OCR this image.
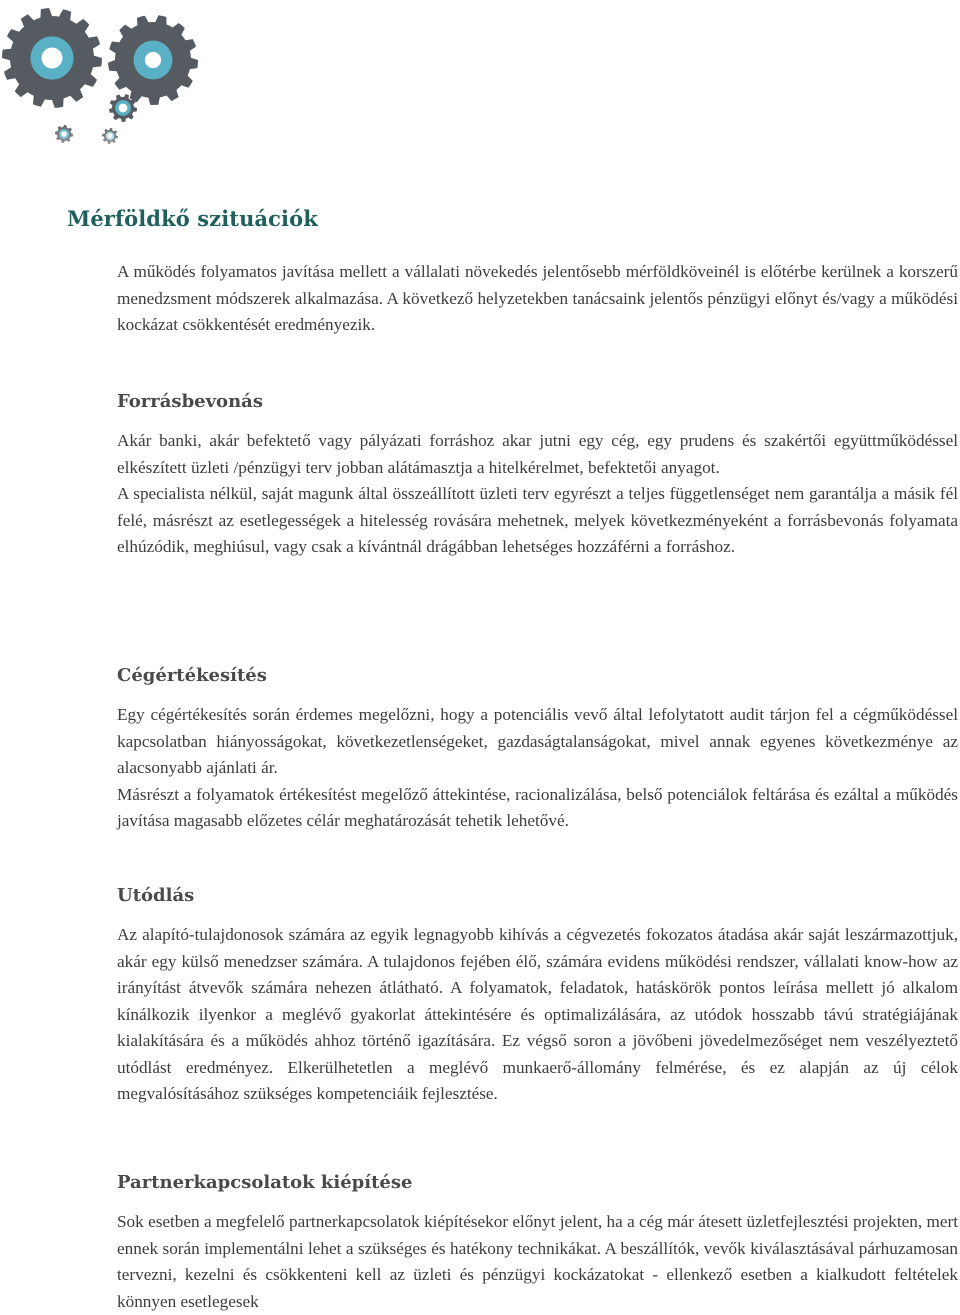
Mérföldkő szituációk

A működés folyamatos javítása mellett a vállalati növekedés jelentősebb mérföldköveinél is előtérbe kerülnek a korszerű menedzsment módszerek alkalmazása. A következő helyzetekben tanácsaink jelentős pénzügyi előnyt és/vagy a működési kockázat csökkentését eredményezik.

Forrásbevonás

Akár banki, akár befektető vagy pályázati forráshoz akar jutni egy cég, egy prudens és szakértői együttműködéssel elkészített üzleti /pénzügyi terv jobban alátámasztja a hitelkérelmet, befektetői anyagot.

A specialista nélkül, saját magunk által összeállított üzleti terv egyrészt a teljes függetlenséget nem garantálja a másik fél felé, másrészt az esetlegességek a hitelesség rovására mehetnek, melyek következményeként a forrásbevonás folyamata elhúzódik, meghiúsul, vagy csak a kívántnál drágábban lehetséges hozzáférni a forráshoz.

Cégértékesítés

Egy cégértékesítés során érdemes megelőzni, hogy a potenciális vevő által lefolytatott audit tárjon fel a cégműködéssel kapcsolatban hiányosságokat, következetlenségeket, gazdaságtalanságokat, mivel annak egyenes következménye az alacsonyabb ajánlati ár.

Másrészt a folyamatok értékesítést megelőző áttekintése, racionalizálása, belső potenciálok feltárása és ezáltal a működés javítása magasabb előzetes célár meghatározását tehetik lehetővé.

Utódlás

Az alapító-tulajdonosok számára az egyik legnagyobb kihívás a cégvezetés fokozatos átadása akár saját leszármazottjuk, akár egy külső menedzser számára. A tulajdonos fejében élő, számára evidens működési rendszer, vállalati know-how az irányítást átvevők számára nehezen átlátható. A folyamatok, feladatok, hatáskörök pontos leírása mellett jó alkalom kínálkozik ilyenkor a meglévő gyakorlat áttekintésére és optimalizálására, az utódok hosszabb távú stratégiájának kialakítására és a működés ahhoz történő igazítására. Ez végső soron a jövőbeni jövedelmezőséget nem veszélyeztető utódlást eredményez. Elkerülhetetlen a meglévő munkaerő-állomány felmérése, és ez alapján az új célok megvalósításához szükséges kompetenciáik fejlesztése.

Partnerkapcsolatok kiépítése

Sok esetben a megfelelő partnerkapcsolatok kiépítésekor előnyt jelent, ha a cég már átesett üzletfejlesztési projekten, mert ennek során implementálni lehet a szükséges és hatékony technikákat. A beszállítók, vevők kiválasztásával párhuzamosan tervezni, kezelni és csökkenteni kell az üzleti és pénzügyi kockázatokat - ellenkező esetben a kialkudott feltételek könnyen esetlegesek
